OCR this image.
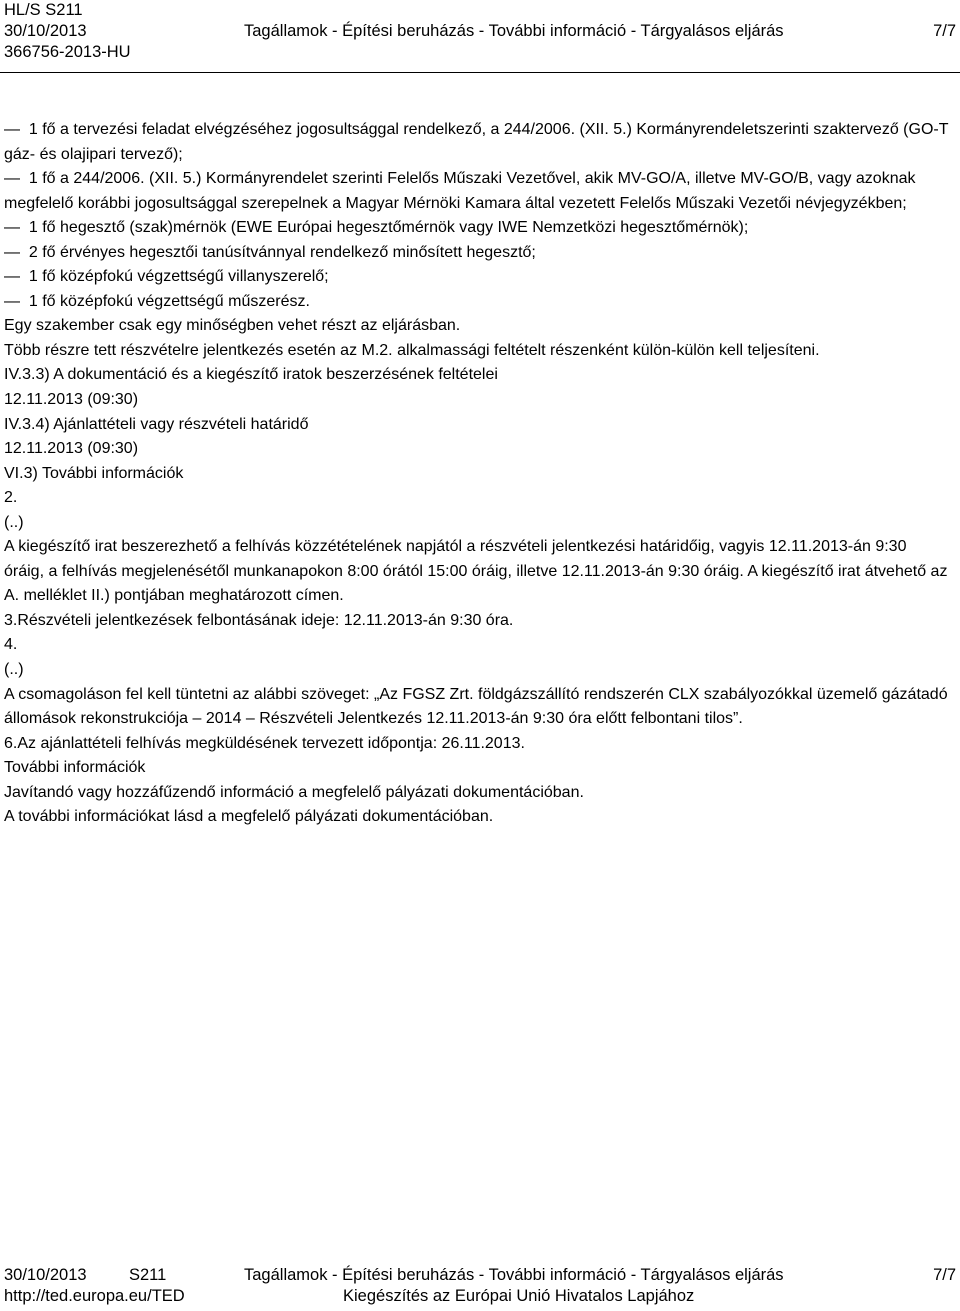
HL/S S211
30/10/2013	Tagállamok - Építési beruházás - További információ - Tárgyalásos eljárás	7/7
366756-2013-HU

—  1 fő a tervezési feladat elvégzéséhez jogosultsággal rendelkező, a 244/2006. (XII. 5.) Kormányrendeletszerinti szaktervező (GO-T gáz- és olajipari tervező);

—  1 fő a 244/2006. (XII. 5.) Kormányrendelet szerinti Felelős Műszaki Vezetővel, akik MV-GO/A, illetve MV-GO/B, vagy azoknak megfelelő korábbi jogosultsággal szerepelnek a Magyar Mérnöki Kamara által vezetett Felelős Műszaki Vezetői névjegyzékben;

—  1 fő hegesztő (szak)mérnök (EWE Európai hegesztőmérnök vagy IWE Nemzetközi hegesztőmérnök);

—  2 fő érvényes hegesztői tanúsítvánnyal rendelkező minősített hegesztő;

—  1 fő középfokú végzettségű villanyszerelő;

—  1 fő középfokú végzettségű műszerész.

Egy szakember csak egy minőségben vehet részt az eljárásban.

Több részre tett részvételre jelentkezés esetén az M.2. alkalmassági feltételt részenként külön-külön kell teljesíteni.

IV.3.3) A dokumentáció és a kiegészítő iratok beszerzésének feltételei

12.11.2013 (09:30)

IV.3.4) Ajánlattételi vagy részvételi határidő

12.11.2013 (09:30)

VI.3) További információk

2.

(..)

A kiegészítő irat beszerezhető a felhívás közzétételének napjától a részvételi jelentkezési határidőig, vagyis 12.11.2013-án 9:30 óráig, a felhívás megjelenésétől munkanapokon 8:00 órától 15:00 óráig, illetve 12.11.2013-án 9:30 óráig. A kiegészítő irat átvehető az A. melléklet II.) pontjában meghatározott címen.

3.Részvételi jelentkezések felbontásának ideje: 12.11.2013-án 9:30 óra.

4.

(..)

A csomagoláson fel kell tüntetni az alábbi szöveget: „Az FGSZ Zrt. földgázszállító rendszerén CLX szabályozókkal üzemelő gázátadó állomások rekonstrukciója – 2014 – Részvételi Jelentkezés 12.11.2013-án 9:30 óra előtt felbontani tilos”.

6.Az ajánlattételi felhívás megküldésének tervezett időpontja: 26.11.2013.

További információk

Javítandó vagy hozzáfűzendő információ a megfelelő pályázati dokumentációban.

A további információkat lásd a megfelelő pályázati dokumentációban.

30/10/2013	S211	Tagállamok - Építési beruházás - További információ - Tárgyalásos eljárás	7/7
http://ted.europa.eu/TED	Kiegészítés az Európai Unió Hivatalos Lapjához
